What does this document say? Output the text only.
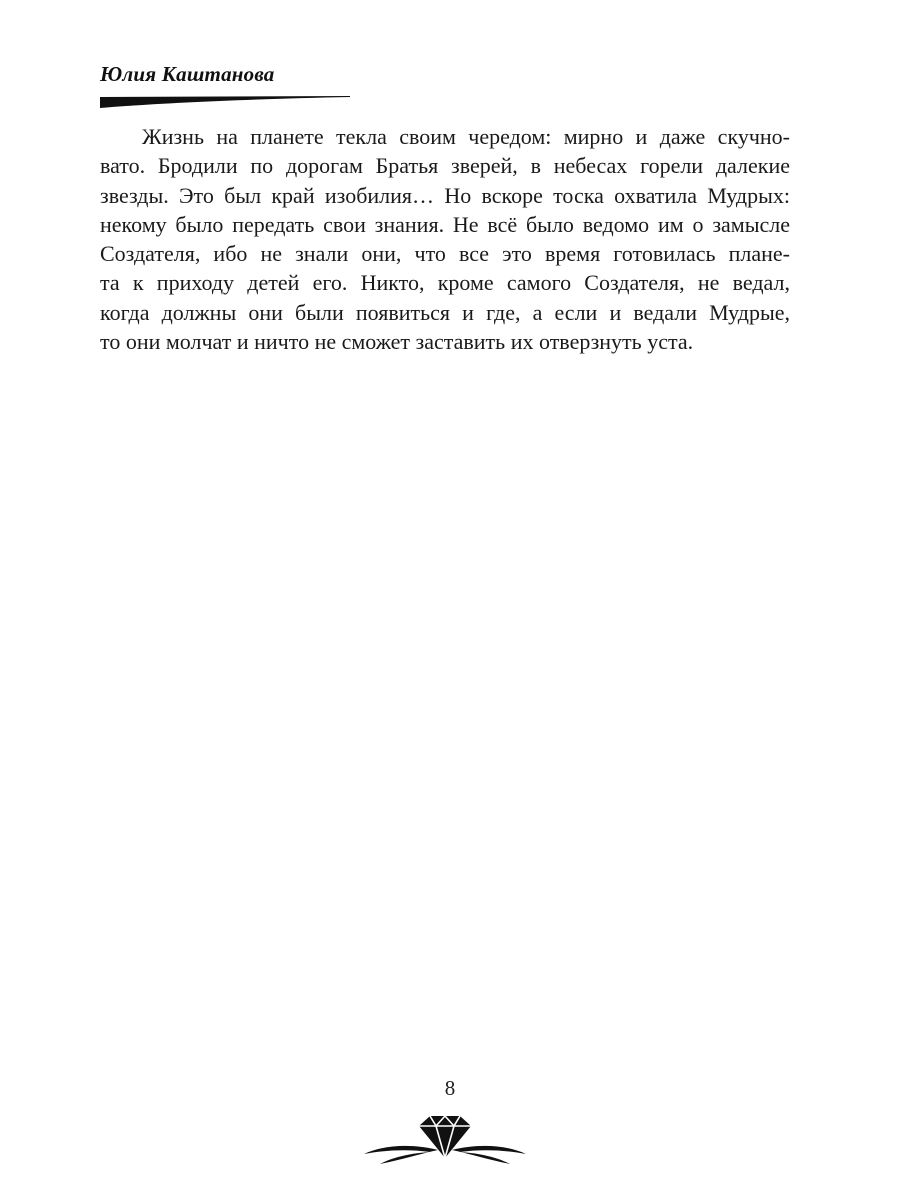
Юлия Каштанова
Жизнь на планете текла своим чередом: мирно и даже скучно-
вато. Бродили по дорогам Братья зверей, в небесах горели далекие
звезды. Это был край изобилия… Но вскоре тоска охватила Мудрых:
некому было передать свои знания. Не всё было ведомо им о замысле
Создателя, ибо не знали они, что все это время готовилась плане-
та к приходу детей его. Никто, кроме самого Создателя, не ведал,
когда должны они были появиться и где, а если и ведали Мудрые,
то они молчат и ничто не сможет заставить их отверзнуть уста.
8
